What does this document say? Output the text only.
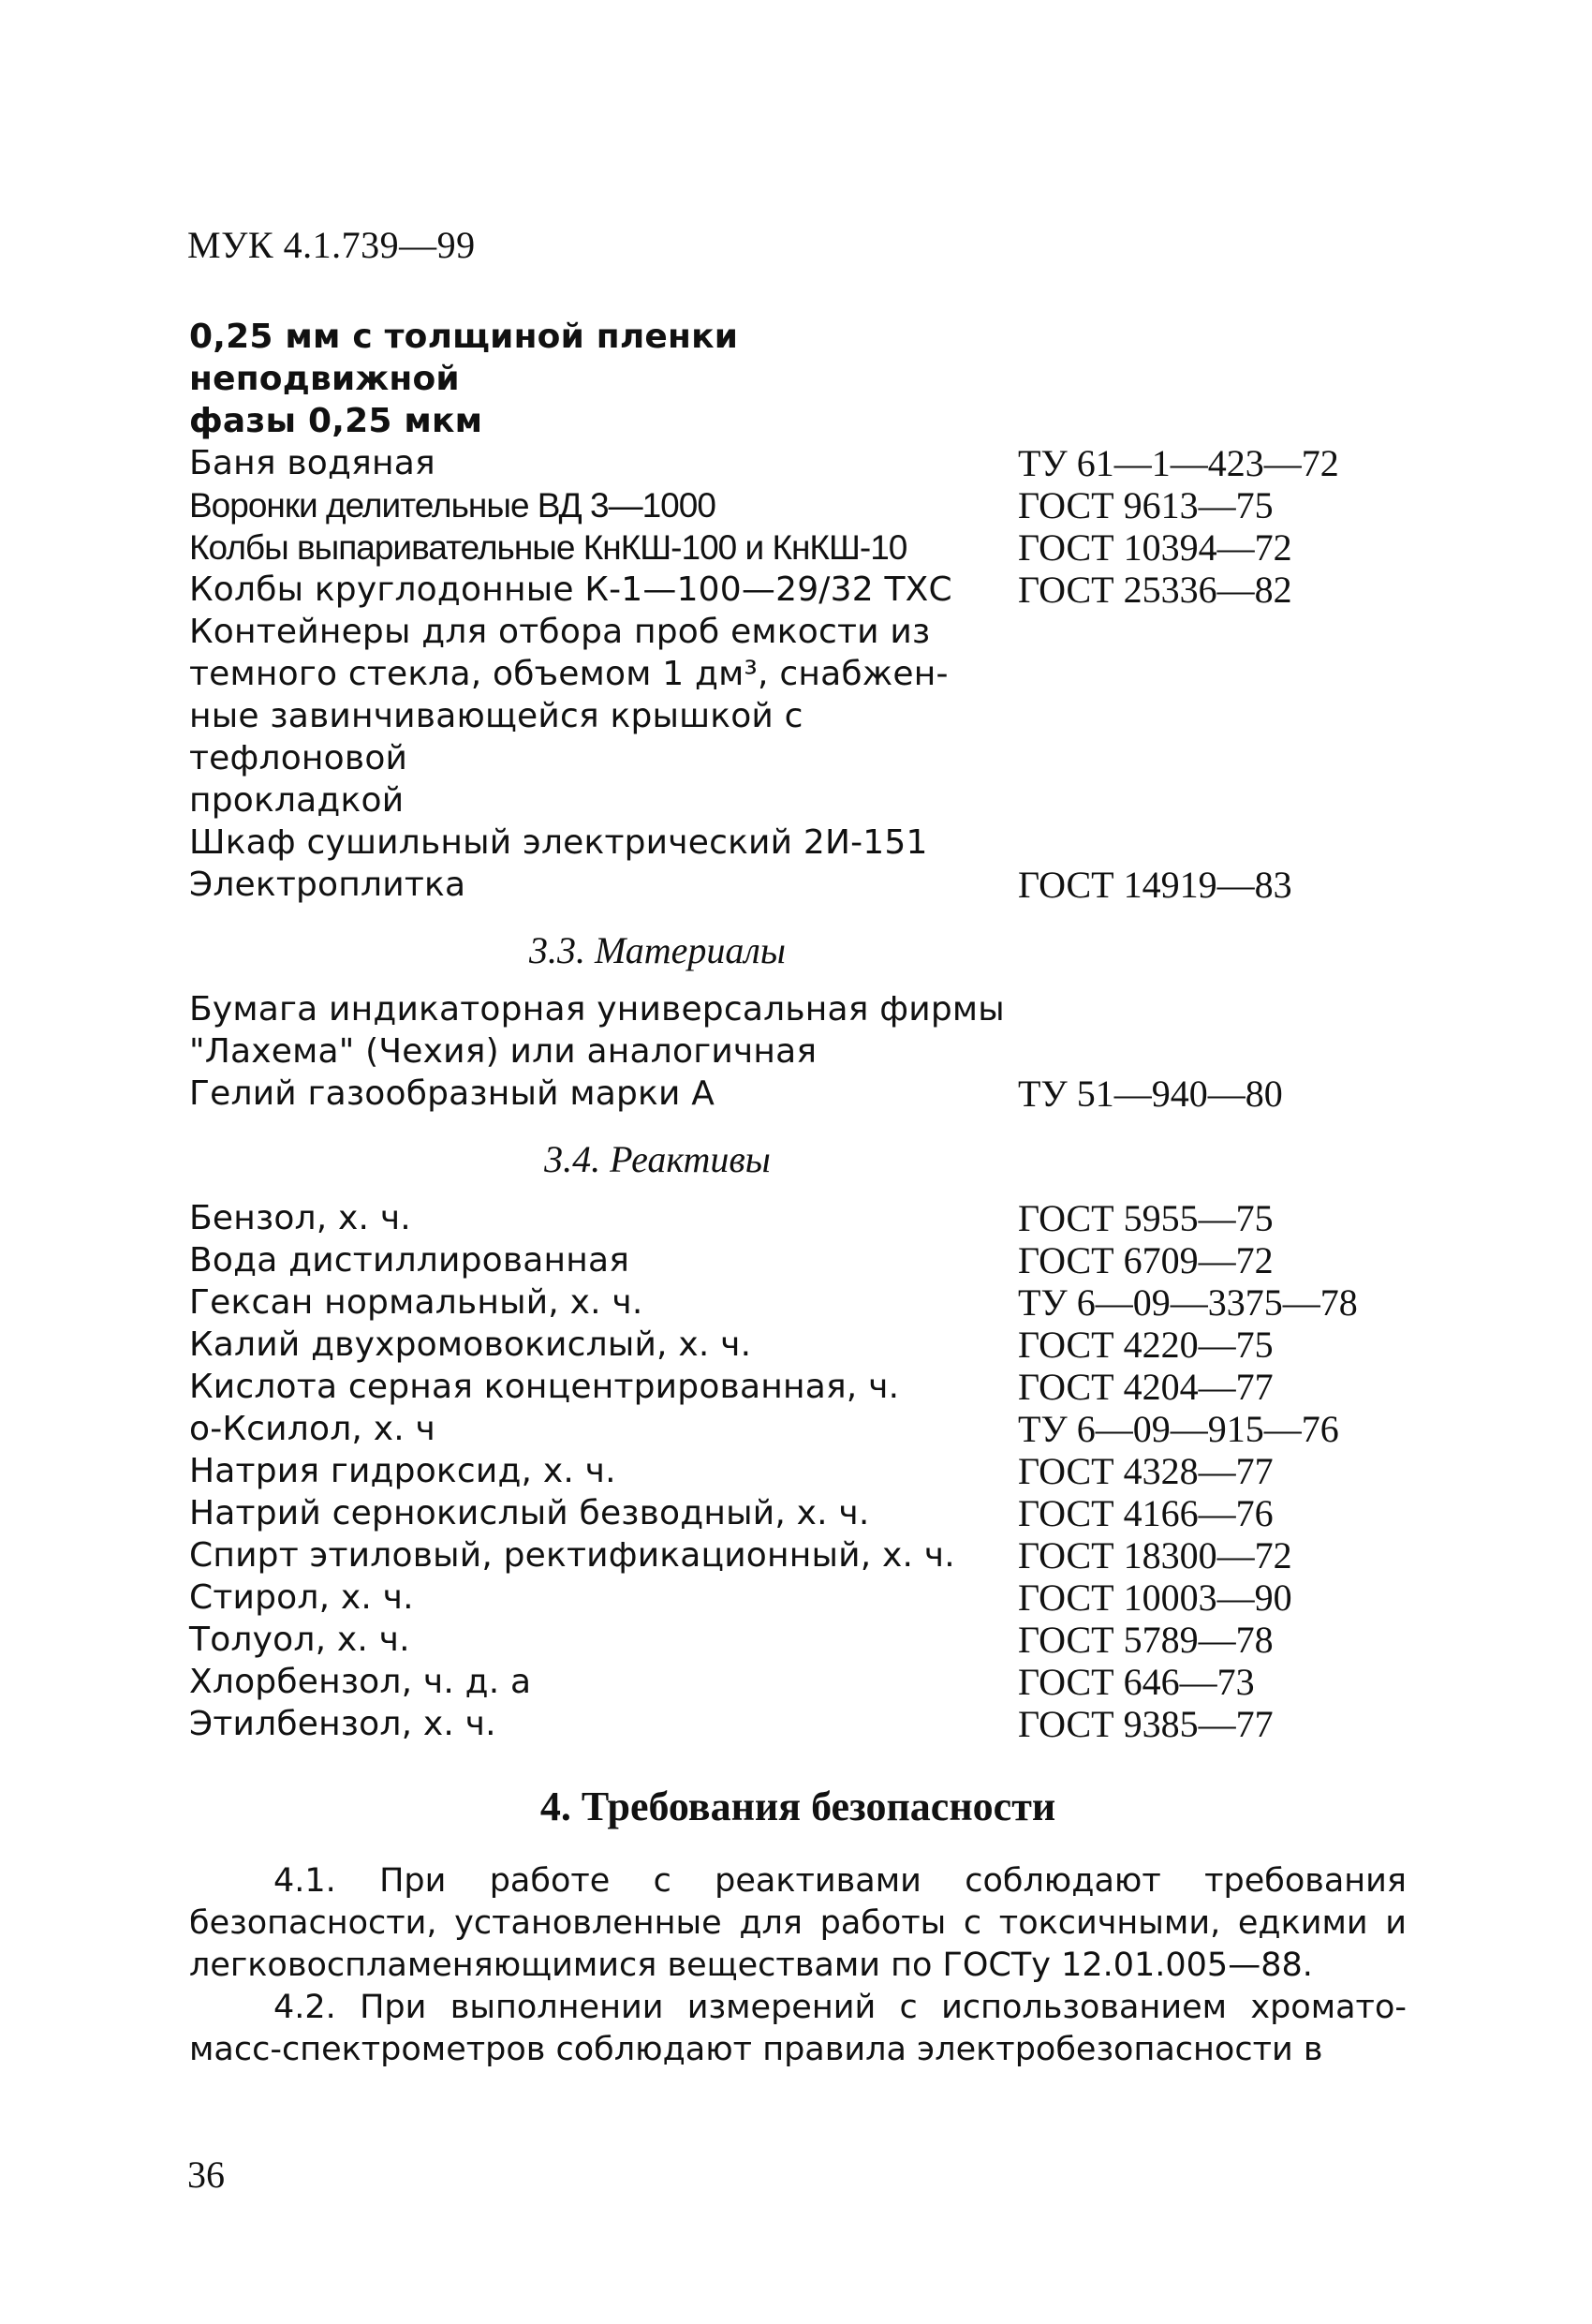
МУК 4.1.739—99
0,25 мм с толщиной пленки неподвижной
фазы 0,25 мкм
Баня водяная	ТУ 61—1—423—72
Воронки делительные ВД 3—1000	ГОСТ 9613—75
Колбы выпаривательные КнКШ-100 и КнКШ-10	ГОСТ 10394—72
Колбы круглодонные К-1—100—29/32 ТХС	ГОСТ 25336—82
Контейнеры для отбора проб емкости из
темного стекла, объемом 1 дм³, снабжен-
ные завинчивающейся крышкой с тефлоновой
прокладкой
Шкаф сушильный электрический 2И-151
Электроплитка	ГОСТ 14919—83
3.3. Материалы
Бумага индикаторная универсальная фирмы
"Лахема" (Чехия) или аналогичная
Гелий газообразный марки А	ТУ 51—940—80
3.4. Реактивы
Бензол, х. ч.	ГОСТ 5955—75
Вода дистиллированная	ГОСТ 6709—72
Гексан нормальный, х. ч.	ТУ 6—09—3375—78
Калий двухромовокислый, х. ч.	ГОСТ 4220—75
Кислота серная концентрированная, ч.	ГОСТ 4204—77
о-Ксилол, х. ч	ТУ 6—09—915—76
Натрия гидроксид, х. ч.	ГОСТ 4328—77
Натрий сернокислый безводный, х. ч.	ГОСТ 4166—76
Спирт этиловый, ректификационный, х. ч.	ГОСТ 18300—72
Стирол, х. ч.	ГОСТ 10003—90
Толуол, х. ч.	ГОСТ 5789—78
Хлорбензол, ч. д. а	ГОСТ 646—73
Этилбензол, х. ч.	ГОСТ 9385—77
4. Требования безопасности
4.1. При работе с реактивами соблюдают требования безопасности, установленные для работы с токсичными, едкими и легковоспламеняющимися веществами по ГОСТу 12.01.005—88.
4.2. При выполнении измерений с использованием хромато-масс-спектрометров соблюдают правила электробезопасности в
36
